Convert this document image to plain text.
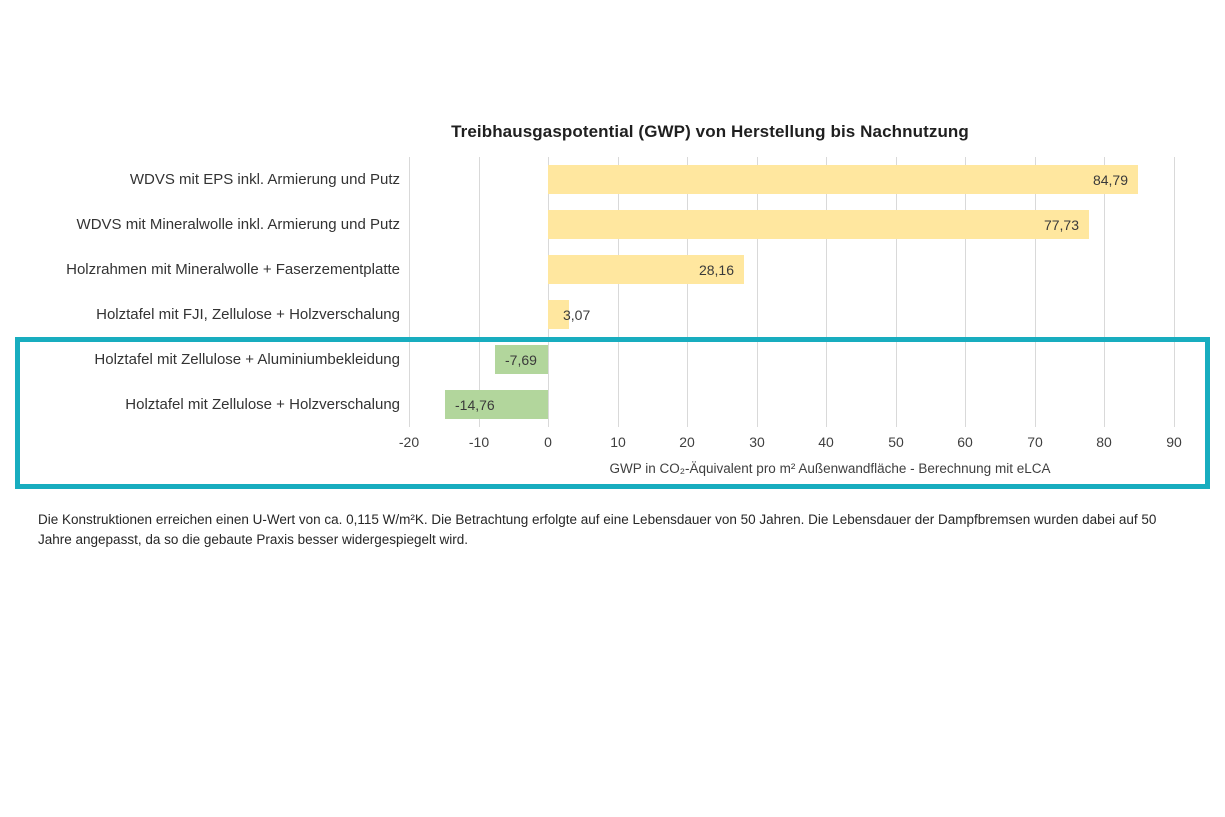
Treibhausgaspotential (GWP) von Herstellung bis Nachnutzung
WDVS mit EPS inkl. Armierung und Putz
WDVS mit Mineralwolle inkl. Armierung und Putz
Holzrahmen mit Mineralwolle + Faserzementplatte
Holztafel mit FJI, Zellulose + Holzverschalung
Holztafel mit Zellulose + Aluminiumbekleidung
Holztafel mit Zellulose + Holzverschalung
84,79
77,73
28,16
3,07
-7,69
-14,76
-20	-10	0	10	20	30	40	50	60	70	80	90
GWP in CO₂-Äquivalent pro m² Außenwandfläche - Berechnung mit eLCA
Die Konstruktionen erreichen einen U-Wert von ca. 0,115 W/m²K. Die Betrachtung erfolgte auf eine Lebensdauer von 50 Jahren. Die Lebensdauer der Dampfbremsen wurden dabei auf 50 Jahre angepasst, da so die gebaute Praxis besser widergespiegelt wird.
